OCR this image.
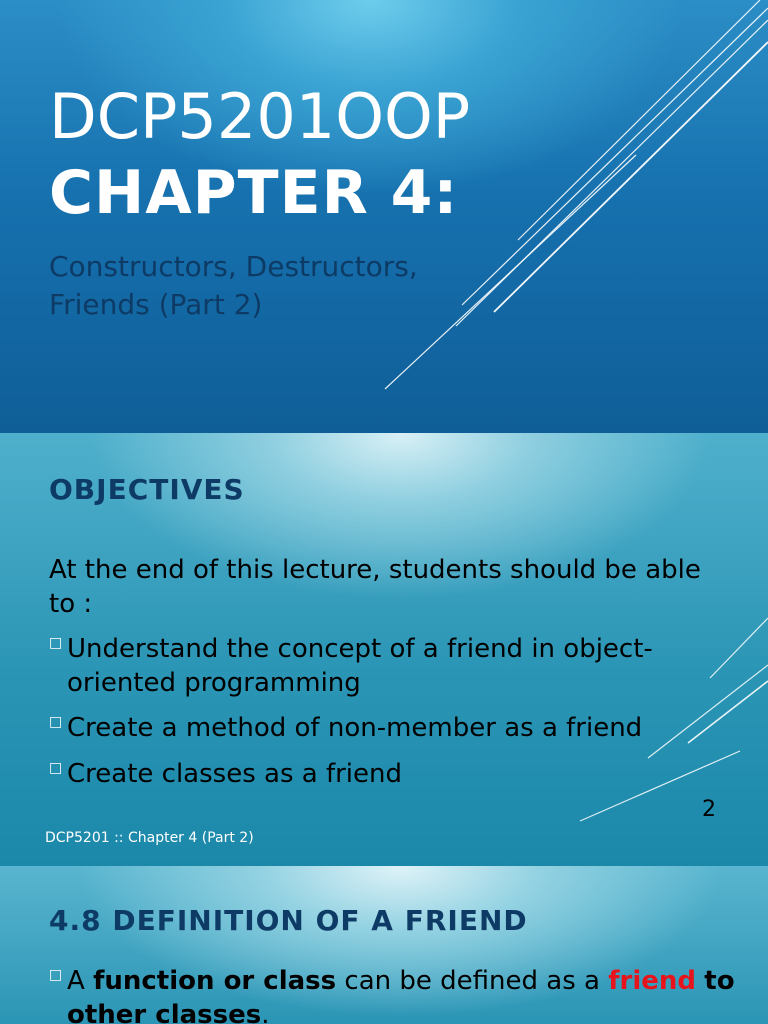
DCP5201OOP
CHAPTER 4:
Constructors, Destructors, Friends (Part 2)
OBJECTIVES
At the end of this lecture, students should be able to :
□ Understand the concept of a friend in object-oriented programming
□ Create a method of non-member as a friend
□ Create classes as a friend
2
DCP5201 :: Chapter 4 (Part 2)
4.8 DEFINITION OF A FRIEND
□ A function or class can be defined as a friend to other classes.
